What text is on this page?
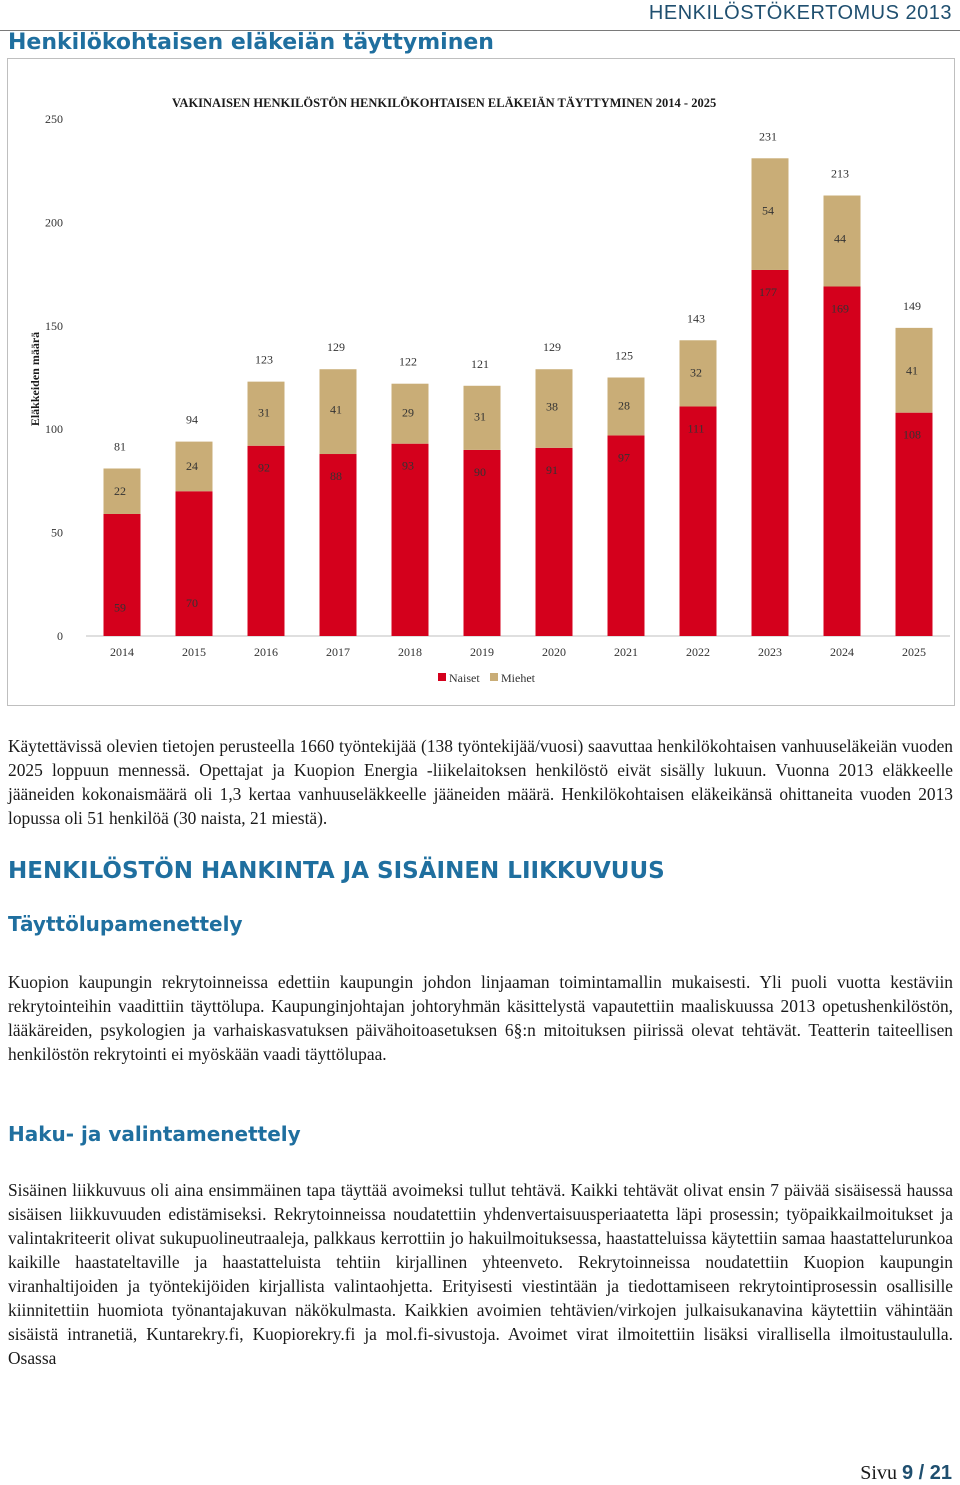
HENKILÖSTÖKERTOMUS 2013
Henkilökohtaisen eläkeiän täyttyminen
VAKINAISEN HENKILÖSTÖN HENKILÖKOHTAISEN ELÄKEIÄN TÄYTTYMINEN 2014 - 2025
Eläkkeiden määrä
0
50
100
150
200
250
2014
59
22
81
2015
70
24
94
2016
92
31
123
2017
88
41
129
2018
93
29
122
2019
90
31
121
2020
91
38
129
2021
97
28
125
2022
111
32
143
2023
177
54
231
2024
169
44
213
2025
108
41
149
Naiset Miehet
Käytettävissä olevien tietojen perusteella 1660 työntekijää (138 työntekijää/vuosi) saavuttaa henkilökohtaisen vanhuuseläkeiän vuoden 2025 loppuun mennessä. Opettajat ja Kuopion Energia -liikelaitoksen henkilöstö eivät sisälly lukuun. Vuonna 2013 eläkkeelle jääneiden kokonaismäärä oli 1,3 kertaa vanhuuseläkkeelle jääneiden määrä. Henkilökohtaisen eläkeikänsä ohittaneita vuoden 2013 lopussa oli 51 henkilöä (30 naista, 21 miestä).
HENKILÖSTÖN HANKINTA JA SISÄINEN LIIKKUVUUS
Täyttölupamenettely
Kuopion kaupungin rekrytoinneissa edettiin kaupungin johdon linjaaman toimintamallin mukaisesti. Yli puoli vuotta kestäviin rekrytointeihin vaadittiin täyttölupa. Kaupunginjohtajan johtoryhmän käsittelystä vapautettiin maaliskuussa 2013 opetushenkilöstön, lääkäreiden, psykologien ja varhaiskasvatuksen päivähoitoasetuksen 6§:n mitoituksen piirissä olevat tehtävät. Teatterin taiteellisen henkilöstön rekrytointi ei myöskään vaadi täyttölupaa.
Haku- ja valintamenettely
Sisäinen liikkuvuus oli aina ensimmäinen tapa täyttää avoimeksi tullut tehtävä. Kaikki tehtävät olivat ensin 7 päivää sisäisessä haussa sisäisen liikkuvuuden edistämiseksi. Rekrytoinneissa noudatettiin yhdenvertaisuusperiaatetta läpi prosessin; työpaikkailmoitukset ja valintakriteerit olivat sukupuolineutraaleja, palkkaus kerrottiin jo hakuilmoituksessa, haastatteluissa käytettiin samaa haastattelurunkoa kaikille haastateltaville ja haastatteluista tehtiin kirjallinen yhteenveto. Rekrytoinneissa noudatettiin Kuopion kaupungin viranhaltijoiden ja työntekijöiden kirjallista valintaohjetta. Erityisesti viestintään ja tiedottamiseen rekrytointiprosessin osallisille kiinnitettiin huomiota työnantajakuvan näkökulmasta. Kaikkien avoimien tehtävien/virkojen julkaisukanavina käytettiin vähintään sisäistä intranetiä, Kuntarekry.fi, Kuopiorekry.fi ja mol.fi-sivustoja. Avoimet virat ilmoitettiin lisäksi virallisella ilmoitustaululla. Osassa
Sivu 9 / 21
